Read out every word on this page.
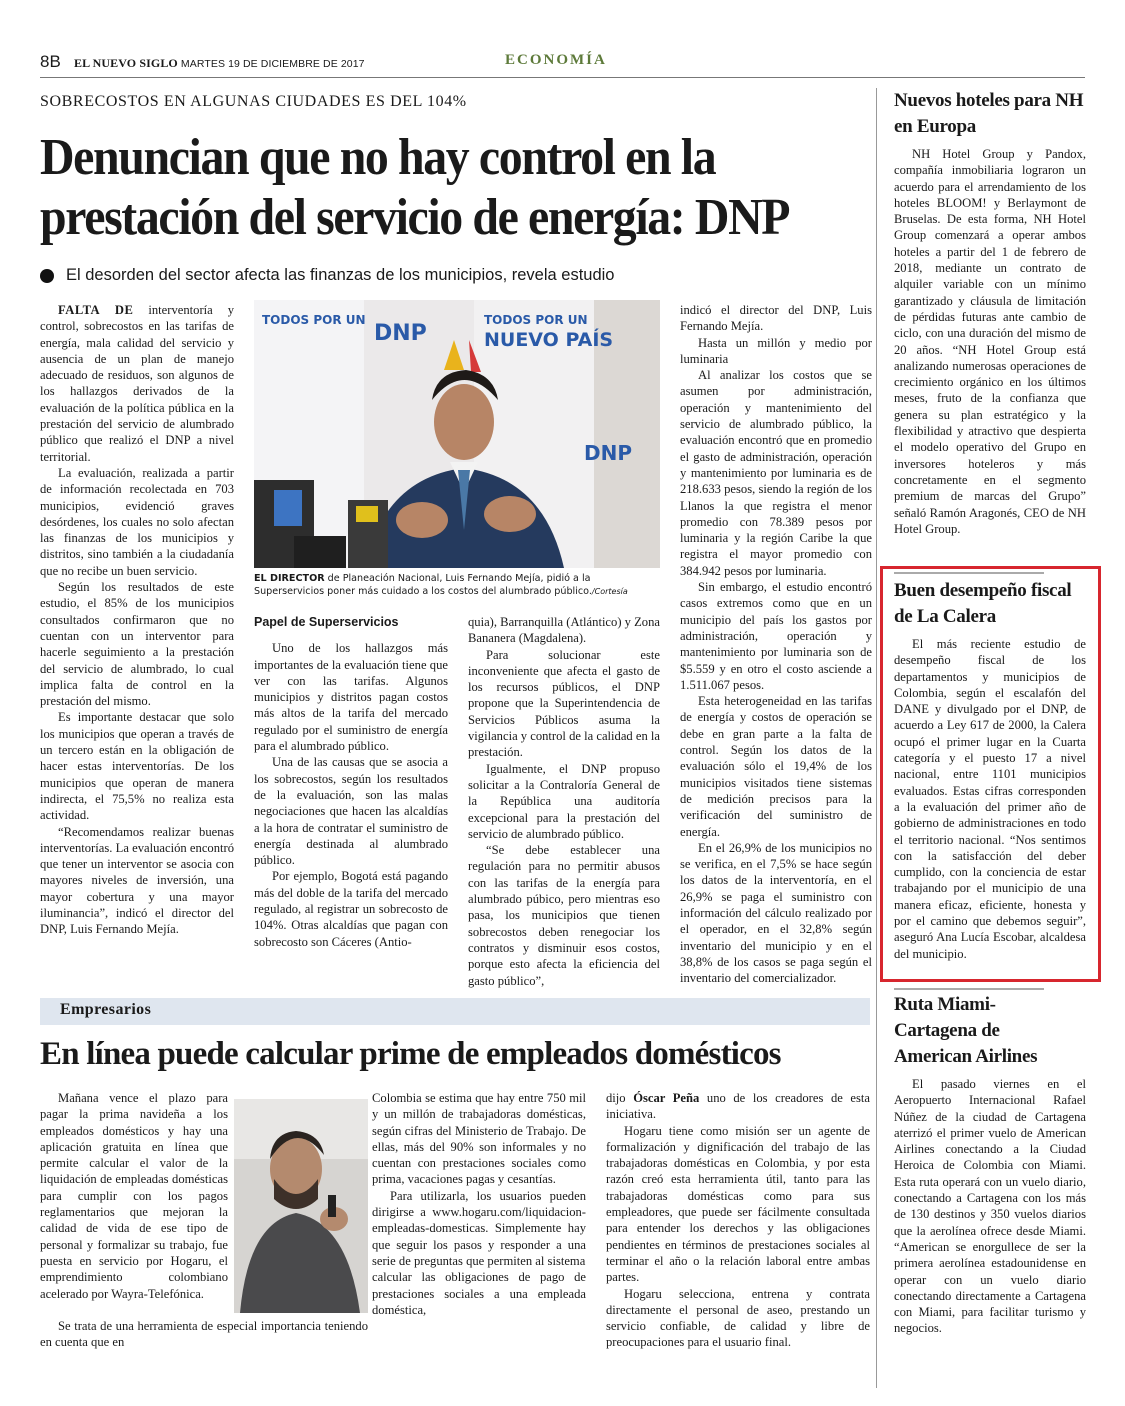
8B EL NUEVO SIGLO MARTES 19 DE DICIEMBRE DE 2017	ECONOMÍA
SOBRECOSTOS EN ALGUNAS CIUDADES ES DEL 104%
Denuncian que no hay control en la
prestación del servicio de energía: DNP
El desorden del sector afecta las finanzas de los municipios, revela estudio

FALTA DE interventoría y control, sobrecostos en las tarifas de energía, mala calidad del servicio y ausencia de un plan de manejo adecuado de residuos, son algunos de los hallazgos derivados de la evaluación de la política pública en la prestación del servicio de alumbrado público que realizó el DNP a nivel territorial.

La evaluación, realizada a partir de información recolectada en 703 municipios, evidenció graves desórdenes, los cuales no solo afectan las finanzas de los municipios y distritos, sino también a la ciudadanía que no recibe un buen servicio.

Según los resultados de este estudio, el 85% de los municipios consultados confirmaron que no cuentan con un interventor para hacerle seguimiento a la prestación del servicio de alumbrado, lo cual implica falta de control en la prestación del mismo.

Es importante destacar que solo los municipios que operan a través de un tercero están en la obligación de hacer estas interventorías. De los municipios que operan de manera indirecta, el 75,5% no realiza esta actividad.

“Recomendamos realizar buenas interventorías. La evaluación encontró que tener un interventor se asocia con mayores niveles de inversión, una mayor cobertura y una mayor iluminancia”, indicó el director del DNP, Luis Fernando Mejía.

TODOS POR UN	TODOS POR UN
NUEVO PAÍS
DNP
DNP
EL DIRECTOR de Planeación Nacional, Luis Fernando Mejía, pidió a la Superservicios poner más cuidado a los costos del alumbrado público./Cortesía
Papel de Superservicios

Uno de los hallazgos más importantes de la evaluación tiene que ver con las tarifas. Algunos municipios y distritos pagan costos más altos de la tarifa del mercado regulado por el suministro de energía para el alumbrado público.

Una de las causas que se asocia a los sobrecostos, según los resultados de la evaluación, son las malas negociaciones que hacen las alcaldías a la hora de contratar el suministro de energía destinada al alumbrado público.

Por ejemplo, Bogotá está pagando más del doble de la tarifa del mercado regulado, al registrar un sobrecosto de 104%. Otras alcaldías que pagan con sobrecosto son Cáceres (Antio-

quia), Barranquilla (Atlántico) y Zona Bananera (Magdalena).

Para solucionar este inconveniente que afecta el gasto de los recursos públicos, el DNP propone que la Superintendencia de Servicios Públicos asuma la vigilancia y control de la calidad en la prestación.

Igualmente, el DNP propuso solicitar a la Contraloría General de la República una auditoría excepcional para la prestación del servicio de alumbrado público.

“Se debe establecer una regulación para no permitir abusos con las tarifas de la energía para alumbrado púbico, pero mientras eso pasa, los municipios que tienen sobrecostos deben renegociar los contratos y disminuir esos costos, porque esto afecta la eficiencia del gasto público”,

indicó el director del DNP, Luis Fernando Mejía.

Hasta un millón y medio por luminaria

Al analizar los costos que se asumen por administración, operación y mantenimiento del servicio de alumbrado público, la evaluación encontró que en promedio el gasto de administración, operación y mantenimiento por luminaria es de 218.633 pesos, siendo la región de los Llanos la que registra el menor promedio con 78.389 pesos por luminaria y la región Caribe la que registra el mayor promedio con 384.942 pesos por luminaria.

Sin embargo, el estudio encontró casos extremos como que en un municipio del país los gastos por administración, operación y mantenimiento por luminaria son de $5.559 y en otro el costo asciende a 1.511.067 pesos.

Esta heterogeneidad en las tarifas de energía y costos de operación se debe en gran parte a la falta de control. Según los datos de la evaluación sólo el 19,4% de los municipios visitados tiene sistemas de medición precisos para la verificación del suministro de energía.

En el 26,9% de los municipios no se verifica, en el 7,5% se hace según los datos de la interventoría, en el 26,9% se paga el suministro con información del cálculo realizado por el operador, en el 32,8% según inventario del municipio y en el 38,8% de los casos se paga según el inventario del comercializador.

Nuevos hoteles para NH en Europa

NH Hotel Group y Pandox, compañía inmobiliaria lograron un acuerdo para el arrendamiento de los hoteles BLOOM! y Berlaymont de Bruselas. De esta forma, NH Hotel Group comenzará a operar ambos hoteles a partir del 1 de febrero de 2018, mediante un contrato de alquiler variable con un mínimo garantizado y cláusula de limitación de pérdidas futuras ante cambio de ciclo, con una duración del mismo de 20 años. “NH Hotel Group está analizando numerosas operaciones de crecimiento orgánico en los últimos meses, fruto de la confianza que genera su plan estratégico y la flexibilidad y atractivo que despierta el modelo operativo del Grupo en inversores hoteleros y más concretamente en el segmento premium de marcas del Grupo” señaló Ramón Aragonés, CEO de NH Hotel Group.

Buen desempeño fiscal de La Calera

El más reciente estudio de desempeño fiscal de los departamentos y municipios de Colombia, según el escalafón del DANE y divulgado por el DNP, de acuerdo a Ley 617 de 2000, la Calera ocupó el primer lugar en la Cuarta categoría y el puesto 17 a nivel nacional, entre 1101 municipios evaluados. Estas cifras corresponden a la evaluación del primer año de gobierno de administraciones en todo el territorio nacional. “Nos sentimos con la satisfacción del deber cumplido, con la conciencia de estar trabajando por el municipio de una manera eficaz, eficiente, honesta y por el camino que debemos seguir”, aseguró Ana Lucía Escobar, alcaldesa del municipio.

Ruta Miami-Cartagena de American Airlines

El pasado viernes en el Aeropuerto Internacional Rafael Núñez de la ciudad de Cartagena aterrizó el primer vuelo de American Airlines conectando a la Ciudad Heroica de Colombia con Miami. Esta ruta operará con un vuelo diario, conectando a Cartagena con los más de 130 destinos y 350 vuelos diarios que la aerolínea ofrece desde Miami. “American se enorgullece de ser la primera aerolínea estadounidense en operar con un vuelo diario conectando directamente a Cartagena con Miami, para facilitar turismo y negocios.

Empresarios
En línea puede calcular prime de empleados domésticos

Mañana vence el plazo para pagar la prima navideña a los empleados domésticos y hay una aplicación gratuita en línea que permite calcular el valor de la liquidación de empleadas domésticas para cumplir con los pagos reglamentarios que mejoran la calidad de vida de ese tipo de personal y formalizar su trabajo, fue puesta en servicio por Hogaru, el emprendimiento colombiano acelerado por Wayra-Telefónica.

Se trata de una herramienta de especial importancia teniendo en cuenta que en

Colombia se estima que hay entre 750 mil y un millón de trabajadoras domésticas, según cifras del Ministerio de Trabajo. De ellas, más del 90% son informales y no cuentan con prestaciones sociales como prima, vacaciones pagas y cesantías.

Para utilizarla, los usuarios pueden dirigirse a www.hogaru.com/liquidacion-empleadas-domesticas. Simplemente hay que seguir los pasos y responder a una serie de preguntas que permiten al sistema

calcular las obligaciones de pago de prestaciones sociales a una empleada doméstica,

dijo Óscar Peña uno de los creadores de esta iniciativa.

Hogaru tiene como misión ser un agente de formalización y dignificación del trabajo de las trabajadoras domésticas en Colombia, y por esta razón creó esta herramienta útil, tanto para las trabajadoras domésticas como para sus empleadores, que puede ser fácilmente consultada para entender los derechos y las obligaciones pendientes en términos de prestaciones sociales al terminar el año o la relación laboral entre ambas partes.

Hogaru selecciona, entrena y contrata directamente el personal de aseo, prestando un servicio confiable, de calidad y libre de preocupaciones para el usuario final.
